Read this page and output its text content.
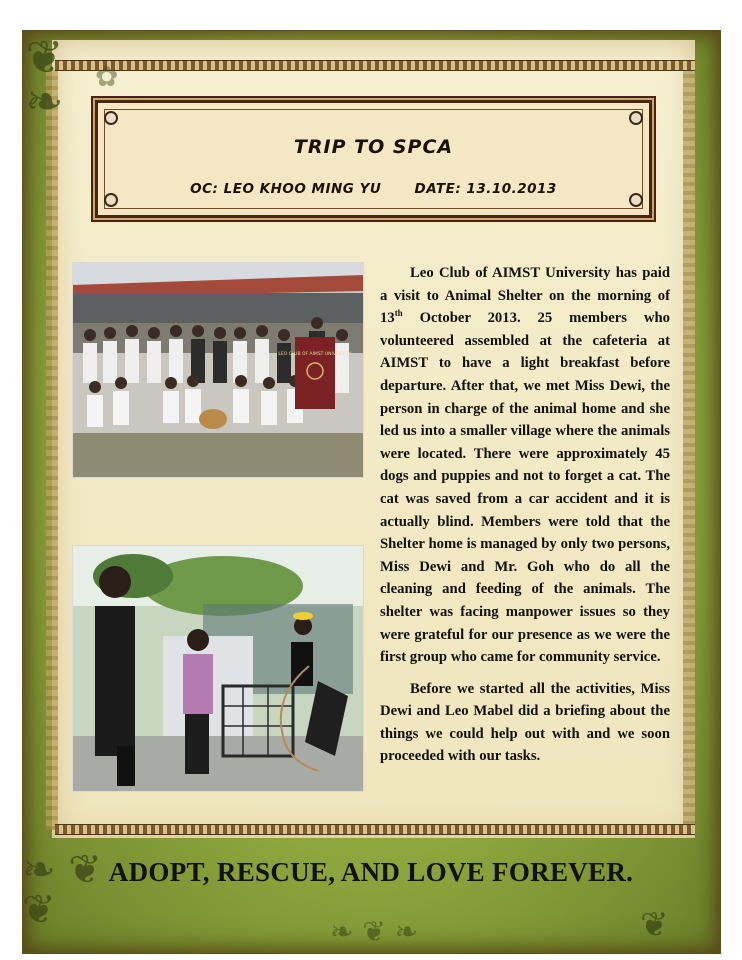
❦
❧ ✿
❧ ❦
❦	❦
❧ ❦ ❧
TRIP TO SPCA
OC: LEO KHOO MING YU DATE: 13.10.2013
LEO CLUB OF AIMST UNIVERSITY

Leo Club of AIMST University has paid a visit to Animal Shelter on the morning of 13th October 2013. 25 members who volunteered assembled at the cafeteria at AIMST to have a light breakfast before departure. After that, we met Miss Dewi, the person in charge of the animal home and she led us into a smaller village where the animals were located. There were approximately 45 dogs and puppies and not to forget a cat. The cat was saved from a car accident and it is actually blind. Members were told that the Shelter home is managed by only two persons, Miss Dewi and Mr. Goh who do all the cleaning and feeding of the animals. The shelter was facing manpower issues so they were grateful for our presence as we were the first group who came for community service.

Before we started all the activities, Miss Dewi and Leo Mabel did a briefing about the things we could help out with and we soon proceeded with our tasks.

ADOPT, RESCUE, AND LOVE FOREVER.
